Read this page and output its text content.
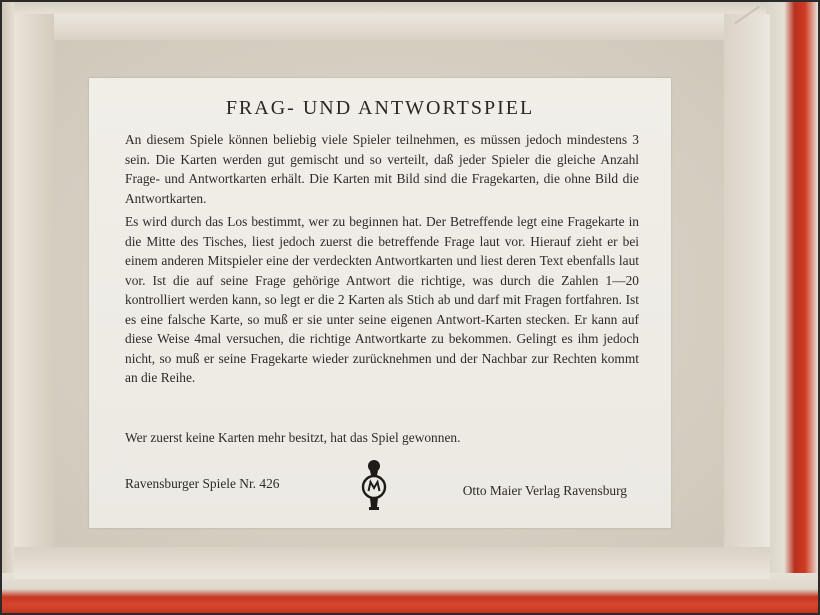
FRAG- UND ANTWORTSPIEL

An diesem Spiele können beliebig viele Spieler teilnehmen, es müssen jedoch mindestens 3 sein. Die Karten werden gut gemischt und so verteilt, daß jeder Spieler die gleiche Anzahl Frage- und Antwortkarten erhält. Die Karten mit Bild sind die Fragekarten, die ohne Bild die Antwortkarten.

Es wird durch das Los bestimmt, wer zu beginnen hat. Der Betreffende legt eine Fragekarte in die Mitte des Tisches, liest jedoch zuerst die betreffende Frage laut vor. Hierauf zieht er bei einem anderen Mitspieler eine der verdeckten Antwortkarten und liest deren Text ebenfalls laut vor. Ist die auf seine Frage gehörige Antwort die richtige, was durch die Zahlen 1—20 kontrolliert werden kann, so legt er die 2 Karten als Stich ab und darf mit Fragen fortfahren. Ist es eine falsche Karte, so muß er sie unter seine eigenen Antwort-Karten stecken. Er kann auf diese Weise 4mal versuchen, die richtige Antwortkarte zu bekommen. Gelingt es ihm jedoch nicht, so muß er seine Fragekarte wieder zurücknehmen und der Nachbar zur Rechten kommt an die Reihe.

Wer zuerst keine Karten mehr besitzt, hat das Spiel gewonnen.

Ravensburger Spiele Nr. 426	Otto Maier Verlag Ravensburg
